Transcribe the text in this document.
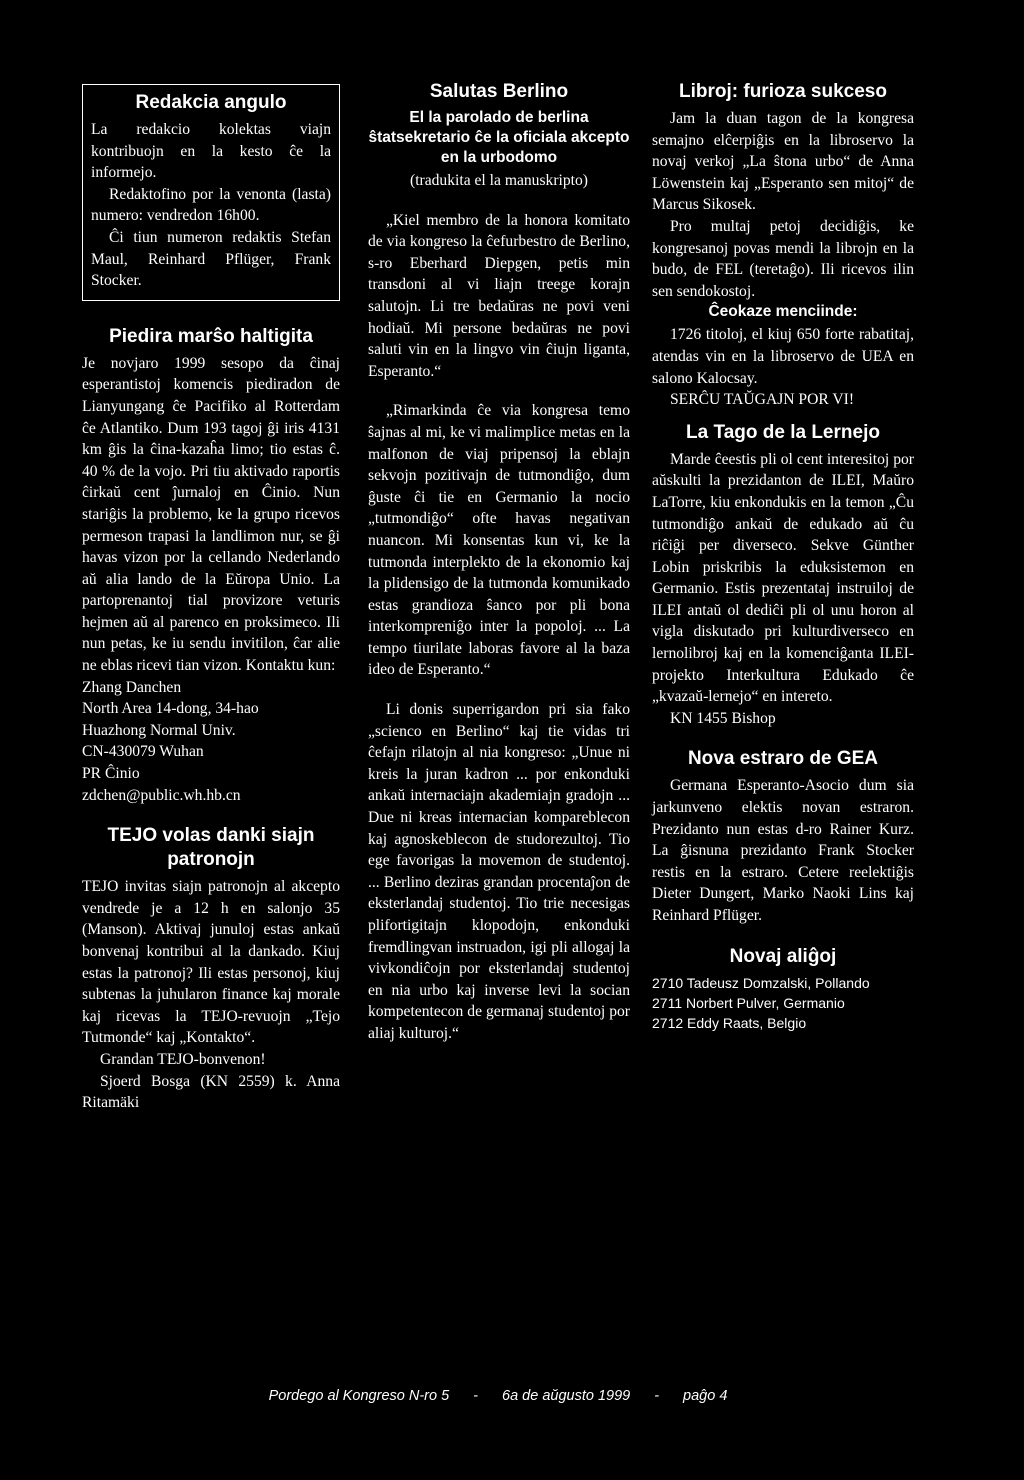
Redakcia angulo

La redakcio kolektas viajn kontribuojn en la kesto ĉe la informejo.

Redaktofino por la venonta (lasta) numero: vendredon 16h00.

Ĉi tiun numeron redaktis Stefan Maul, Reinhard Pflüger, Frank Stocker.

Piedira marŝo haltigita

Je novjaro 1999 sesopo da ĉinaj esperantistoj komencis piediradon de Lianyungang ĉe Pacifiko al Rotterdam ĉe Atlantiko. Dum 193 tagoj ĝi iris 4131 km ĝis la ĉina-kazaĥa limo; tio estas ĉ. 40 % de la vojo. Pri tiu aktivado raportis ĉirkaŭ cent ĵurnaloj en Ĉinio. Nun stariĝis la problemo, ke la grupo ricevos permeson trapasi la landlimon nur, se ĝi havas vizon por la cellando Nederlando aŭ alia lando de la Eŭropa Unio. La partoprenantoj tial provizore veturis hejmen aŭ al parenco en proksimeco. Ili nun petas, ke iu sendu invitilon, ĉar alie ne eblas ricevi tian vizon. Kontaktu kun:

Zhang Danchen

North Area 14-dong, 34-hao

Huazhong Normal Univ.

CN-430079 Wuhan

PR Ĉinio

zdchen@public.wh.hb.cn

TEJO volas danki siajn patronojn

TEJO invitas siajn patronojn al akcepto vendrede je a 12 h en salonjo 35 (Manson). Aktivaj junuloj estas ankaŭ bonvenaj kontribui al la dankado. Kiuj estas la patronoj? Ili estas personoj, kiuj subtenas la juhularon finance kaj morale kaj ricevas la TEJO-revuojn „Tejo Tutmonde“ kaj „Kontakto“.

Grandan TEJO-bonvenon!

Sjoerd Bosga (KN 2559) k. Anna Ritamäki

Salutas Berlino
El la parolado de berlina ŝtatsekretario ĉe la oficiala akcepto en la urbodomo

(tradukita el la manuskripto)

„Kiel membro de la honora komitato de via kongreso la ĉefurbestro de Berlino, s-ro Eberhard Diepgen, petis min transdoni al vi liajn treege korajn salutojn. Li tre bedaŭras ne povi veni hodiaŭ. Mi persone bedaŭras ne povi saluti vin en la lingvo vin ĉiujn liganta, Esperanto.“

„Rimarkinda ĉe via kongresa temo ŝajnas al mi, ke vi malimplice metas en la malfonon de viaj pripensoj la eblajn sekvojn pozitivajn de tutmondiĝo, dum ĝuste ĉi tie en Germanio la nocio „tutmondiĝo“ ofte havas negativan nuancon. Mi konsentas kun vi, ke la tutmonda interplekto de la ekonomio kaj la plidensigo de la tutmonda komunikado estas grandioza ŝanco por pli bona interkompreniĝo inter la popoloj. ... La tempo tiurilate laboras favore al la baza ideo de Esperanto.“

Li donis superrigardon pri sia fako „scienco en Berlino“ kaj tie vidas tri ĉefajn rilatojn al nia kongreso: „Unue ni kreis la juran kadron ... por enkonduki ankaŭ internaciajn akademiajn gradojn ... Due ni kreas internacian kompareblecon kaj agnoskeblecon de studorezultoj. Tio ege favorigas la movemon de studentoj. ... Berlino deziras grandan procentaĵon de eksterlandaj studentoj. Tio trie necesigas plifortigitajn klopodojn, enkonduki fremdlingvan instruadon, igi pli allogaj la vivkondiĉojn por eksterlandaj studentoj en nia urbo kaj inverse levi la socian kompetentecon de germanaj studentoj por aliaj kulturoj.“

Libroj: furioza sukceso

Jam la duan tagon de la kongresa semajno elĉerpiĝis en la libroservo la novaj verkoj „La ŝtona urbo“ de Anna Löwenstein kaj „Esperanto sen mitoj“ de Marcus Sikosek.

Pro multaj petoj decidiĝis, ke kongresanoj povas mendi la librojn en la budo, de FEL (teretaĝo). Ili ricevos ilin sen sendokostoj.

Ĉeokaze menciinde:

1726 titoloj, el kiuj 650 forte rabatitaj, atendas vin en la libroservo de UEA en salono Kalocsay.

SERĈU TAŬGAJN POR VI!

La Tago de la Lernejo

Marde ĉeestis pli ol cent interesitoj por aŭskulti la prezidanton de ILEI, Maŭro LaTorre, kiu enkondukis en la temon „Ĉu tutmondiĝo ankaŭ de edukado aŭ ĉu riĉiĝi per diverseco. Sekve Günther Lobin priskribis la eduksistemon en Germanio. Estis prezentataj instruiloj de ILEI antaŭ ol dediĉi pli ol unu horon al vigla diskutado pri kulturdiverseco en lernolibroj kaj en la komenciĝanta ILEI-projekto Interkultura Edukado ĉe „kvazaŭ-lernejo“ en intereto.

KN 1455 Bishop

Nova estraro de GEA

Germana Esperanto-Asocio dum sia jarkunveno elektis novan estraron. Prezidanto nun estas d-ro Rainer Kurz. La ĝisnuna prezidanto Frank Stocker restis en la estraro. Cetere reelektiĝis Dieter Dungert, Marko Naoki Lins kaj Reinhard Pflüger.

Novaj aliĝoj

2710 Tadeusz Domzalski, Pollando

2711 Norbert Pulver, Germanio

2712 Eddy Raats, Belgio

Pordego al Kongreso N-ro 5 - 6a de aŭgusto 1999 - paĝo 4
